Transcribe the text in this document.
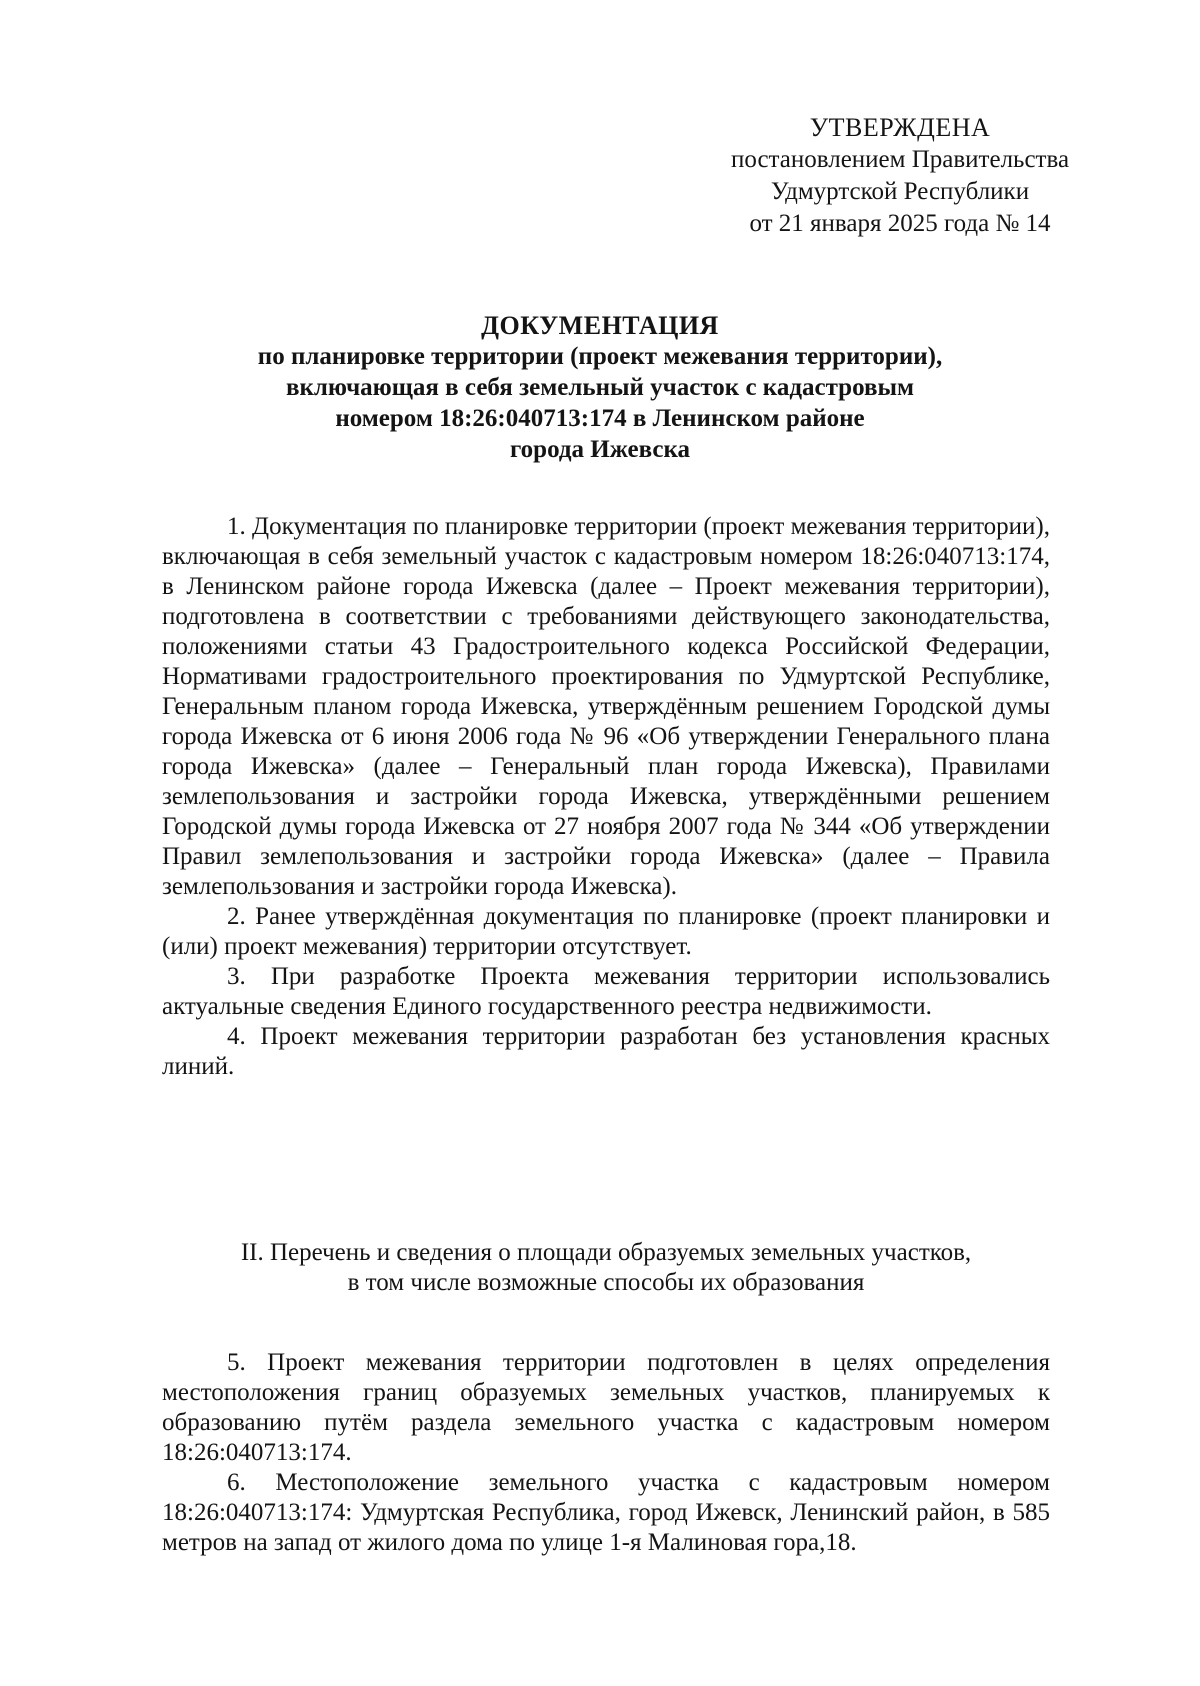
УТВЕРЖДЕНА
постановлением Правительства
Удмуртской Республики
от 21 января 2025 года № 14
ДОКУМЕНТАЦИЯ
по планировке территории (проект межевания территории),
включающая в себя земельный участок с кадастровым
номером 18:26:040713:174 в Ленинском районе
города Ижевска

1. Документация по планировке территории (проект межевания территории), включающая в себя земельный участок с кадастровым номером 18:26:040713:174, в Ленинском районе города Ижевска (далее – Проект межевания территории), подготовлена в соответствии с требованиями действующего законодательства, положениями статьи 43 Градостроительного кодекса Российской Федерации, Нормативами градостроительного проектирования по Удмуртской Республике, Генеральным планом города Ижевска, утверждённым решением Городской думы города Ижевска от 6 июня 2006 года № 96 «Об утверждении Генерального плана города Ижевска» (далее – Генеральный план города Ижевска), Правилами землепользования и застройки города Ижевска, утверждёнными решением Городской думы города Ижевска от 27 ноября 2007 года № 344 «Об утверждении Правил землепользования и застройки города Ижевска» (далее – Правила землепользования и застройки города Ижевска).

2. Ранее утверждённая документация по планировке (проект планировки и (или) проект межевания) территории отсутствует.

3. При разработке Проекта межевания территории использовались актуальные сведения Единого государственного реестра недвижимости.

4. Проект межевания территории разработан без установления красных линий.

II. Перечень и сведения о площади образуемых земельных участков,
в том числе возможные способы их образования

5. Проект межевания территории подготовлен в целях определения местоположения границ образуемых земельных участков, планируемых к образованию путём раздела земельного участка с кадастровым номером 18:26:040713:174.

6. Местоположение земельного участка с кадастровым номером 18:26:040713:174: Удмуртская Республика, город Ижевск, Ленинский район, в 585 метров на запад от жилого дома по улице 1-я Малиновая гора,18.
